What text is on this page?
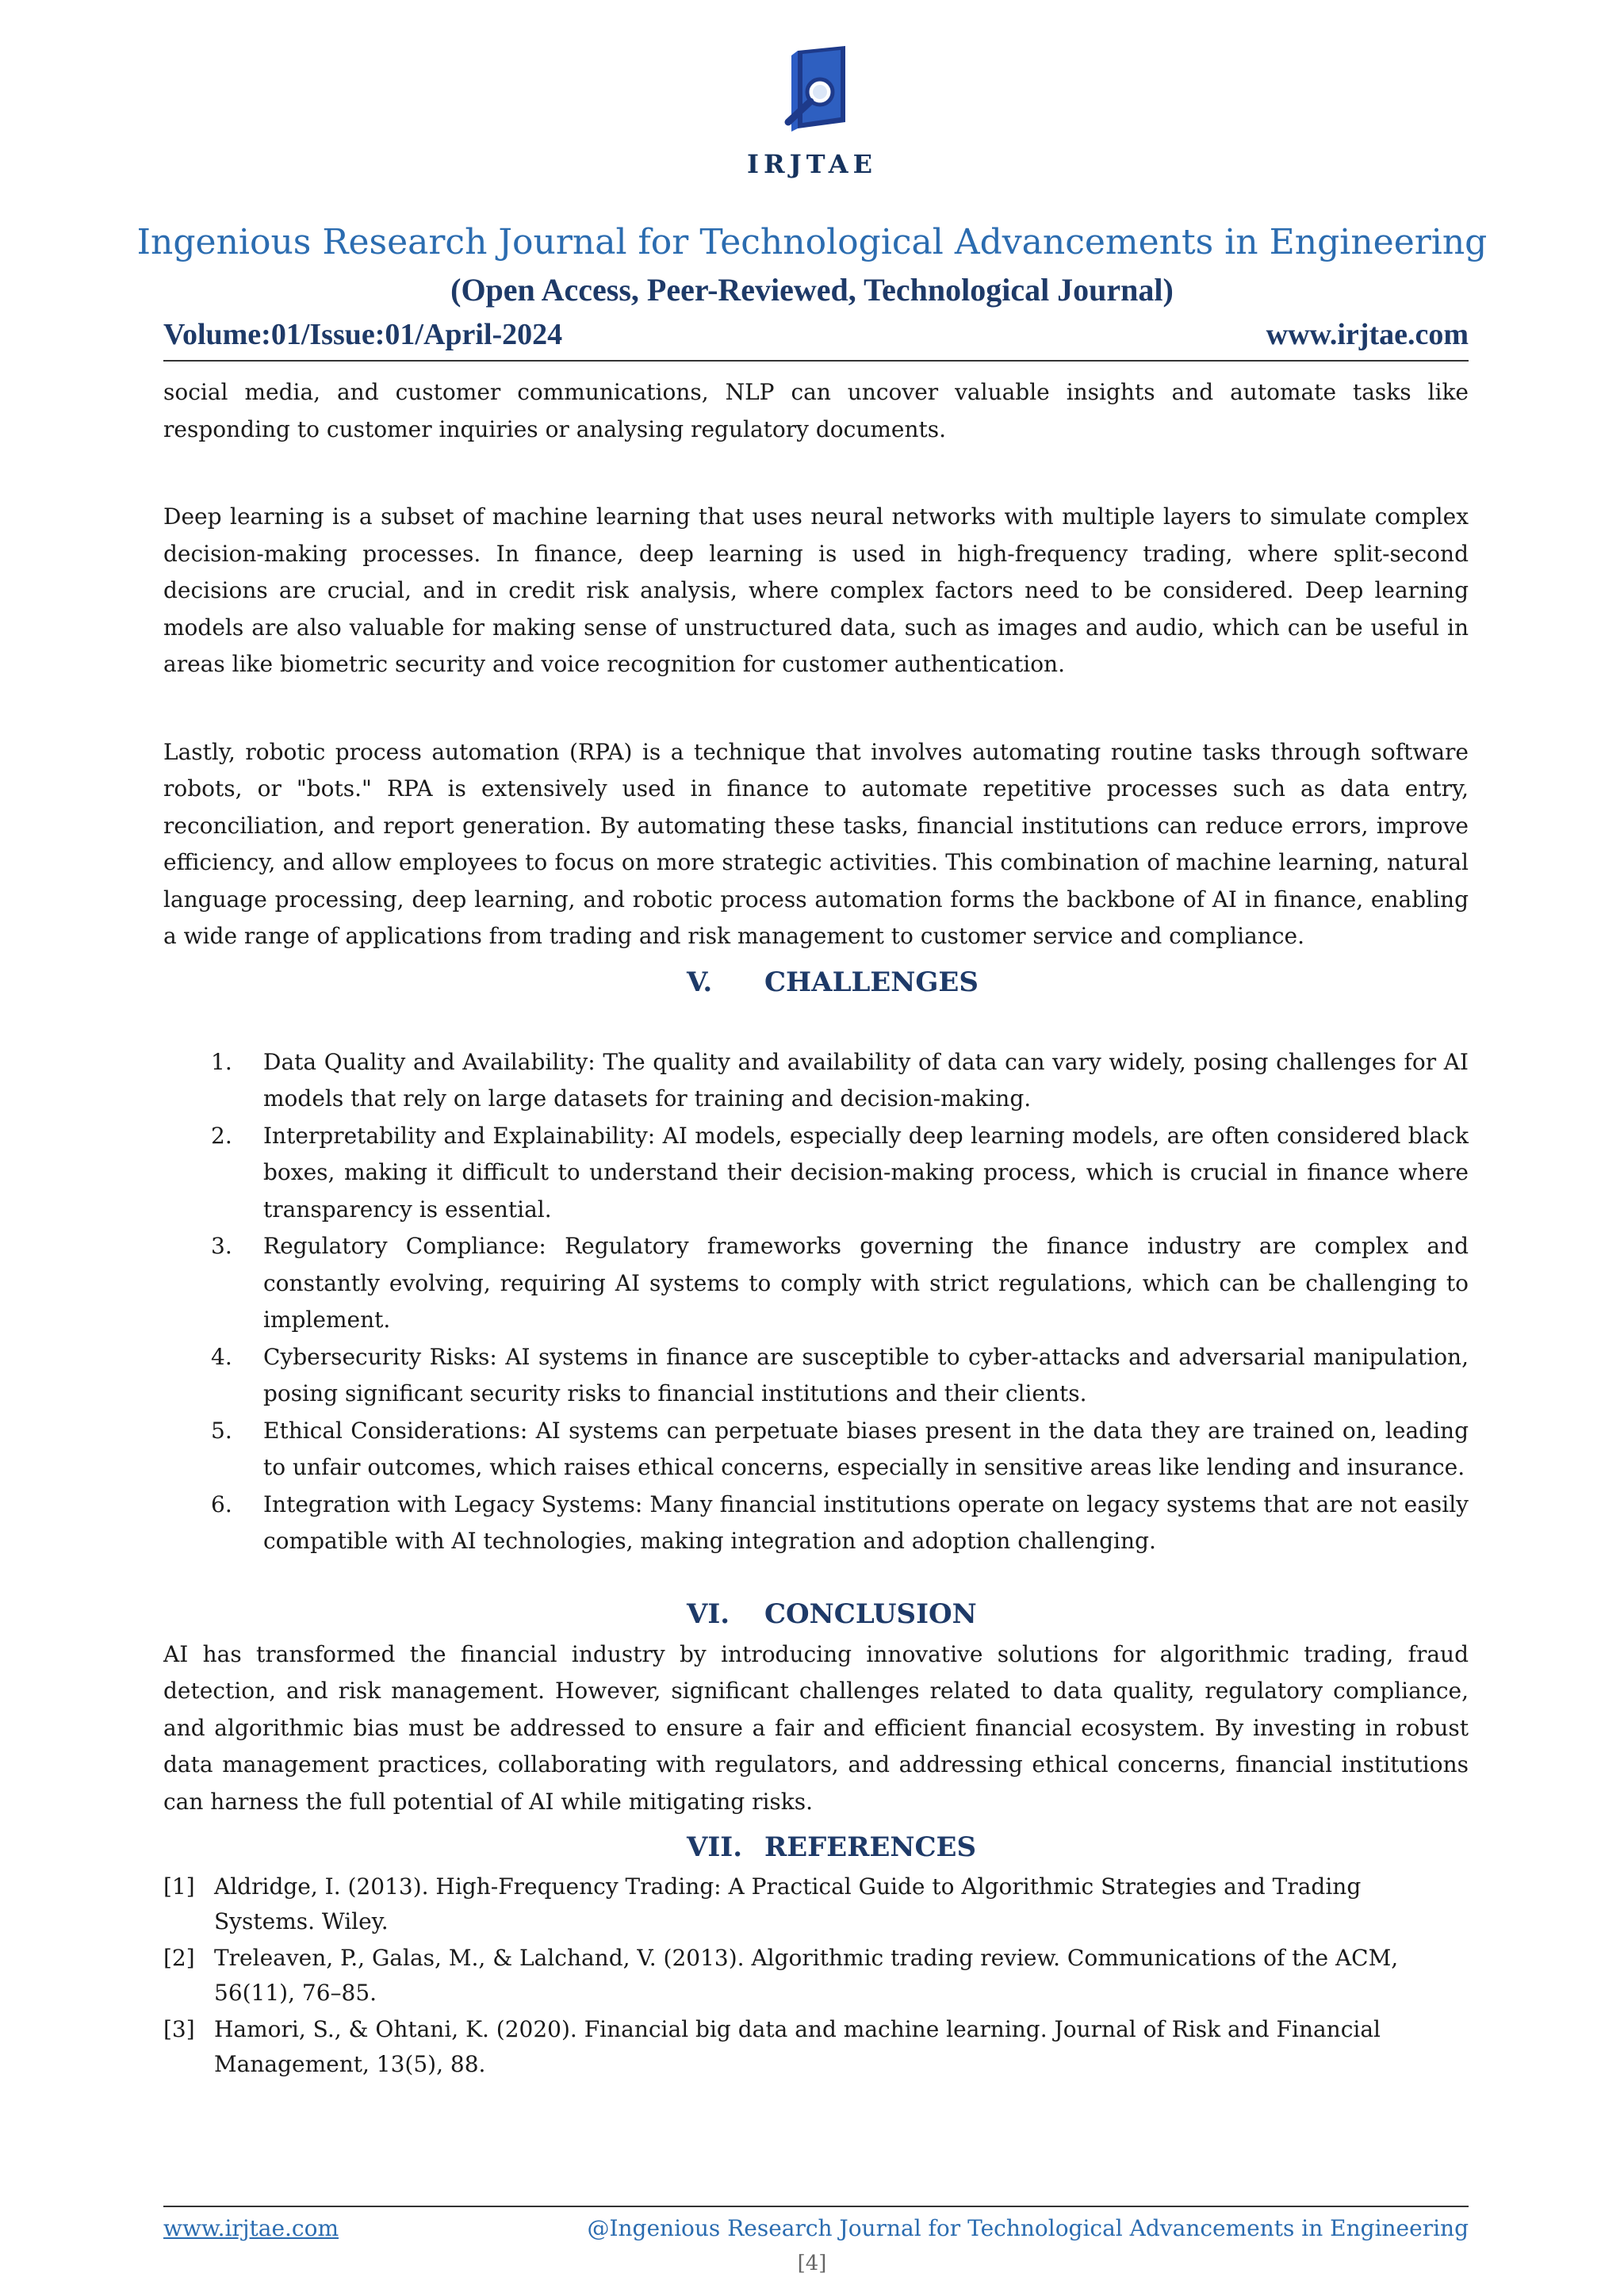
IRJTAE
Ingenious Research Journal for Technological Advancements in Engineering
(Open Access, Peer-Reviewed, Technological Journal)
Volume:01/Issue:01/April-2024	www.irjtae.com

social media, and customer communications, NLP can uncover valuable insights and automate tasks like responding to customer inquiries or analysing regulatory documents.

Deep learning is a subset of machine learning that uses neural networks with multiple layers to simulate complex decision-making processes. In finance, deep learning is used in high-frequency trading, where split-second decisions are crucial, and in credit risk analysis, where complex factors need to be considered. Deep learning models are also valuable for making sense of unstructured data, such as images and audio, which can be useful in areas like biometric security and voice recognition for customer authentication.

Lastly, robotic process automation (RPA) is a technique that involves automating routine tasks through software robots, or "bots." RPA is extensively used in finance to automate repetitive processes such as data entry, reconciliation, and report generation. By automating these tasks, financial institutions can reduce errors, improve efficiency, and allow employees to focus on more strategic activities. This combination of machine learning, natural language processing, deep learning, and robotic process automation forms the backbone of AI in finance, enabling a wide range of applications from trading and risk management to customer service and compliance.

V. CHALLENGES
1. Data Quality and Availability: The quality and availability of data can vary widely, posing challenges for AI models that rely on large datasets for training and decision-making.
2. Interpretability and Explainability: AI models, especially deep learning models, are often considered black boxes, making it difficult to understand their decision-making process, which is crucial in finance where transparency is essential.
3. Regulatory Compliance: Regulatory frameworks governing the finance industry are complex and constantly evolving, requiring AI systems to comply with strict regulations, which can be challenging to implement.
4. Cybersecurity Risks: AI systems in finance are susceptible to cyber-attacks and adversarial manipulation, posing significant security risks to financial institutions and their clients.
5. Ethical Considerations: AI systems can perpetuate biases present in the data they are trained on, leading to unfair outcomes, which raises ethical concerns, especially in sensitive areas like lending and insurance.
6. Integration with Legacy Systems: Many financial institutions operate on legacy systems that are not easily compatible with AI technologies, making integration and adoption challenging.
VI. CONCLUSION

AI has transformed the financial industry by introducing innovative solutions for algorithmic trading, fraud detection, and risk management. However, significant challenges related to data quality, regulatory compliance, and algorithmic bias must be addressed to ensure a fair and efficient financial ecosystem. By investing in robust data management practices, collaborating with regulators, and addressing ethical concerns, financial institutions can harness the full potential of AI while mitigating risks.

VII. REFERENCES
[1] Aldridge, I. (2013). High-Frequency Trading: A Practical Guide to Algorithmic Strategies and Trading Systems. Wiley.
[2] Treleaven, P., Galas, M., & Lalchand, V. (2013). Algorithmic trading review. Communications of the ACM, 56(11), 76–85.
[3] Hamori, S., & Ohtani, K. (2020). Financial big data and machine learning. Journal of Risk and Financial Management, 13(5), 88.
www.irjtae.com	@Ingenious Research Journal for Technological Advancements in Engineering
[4]
